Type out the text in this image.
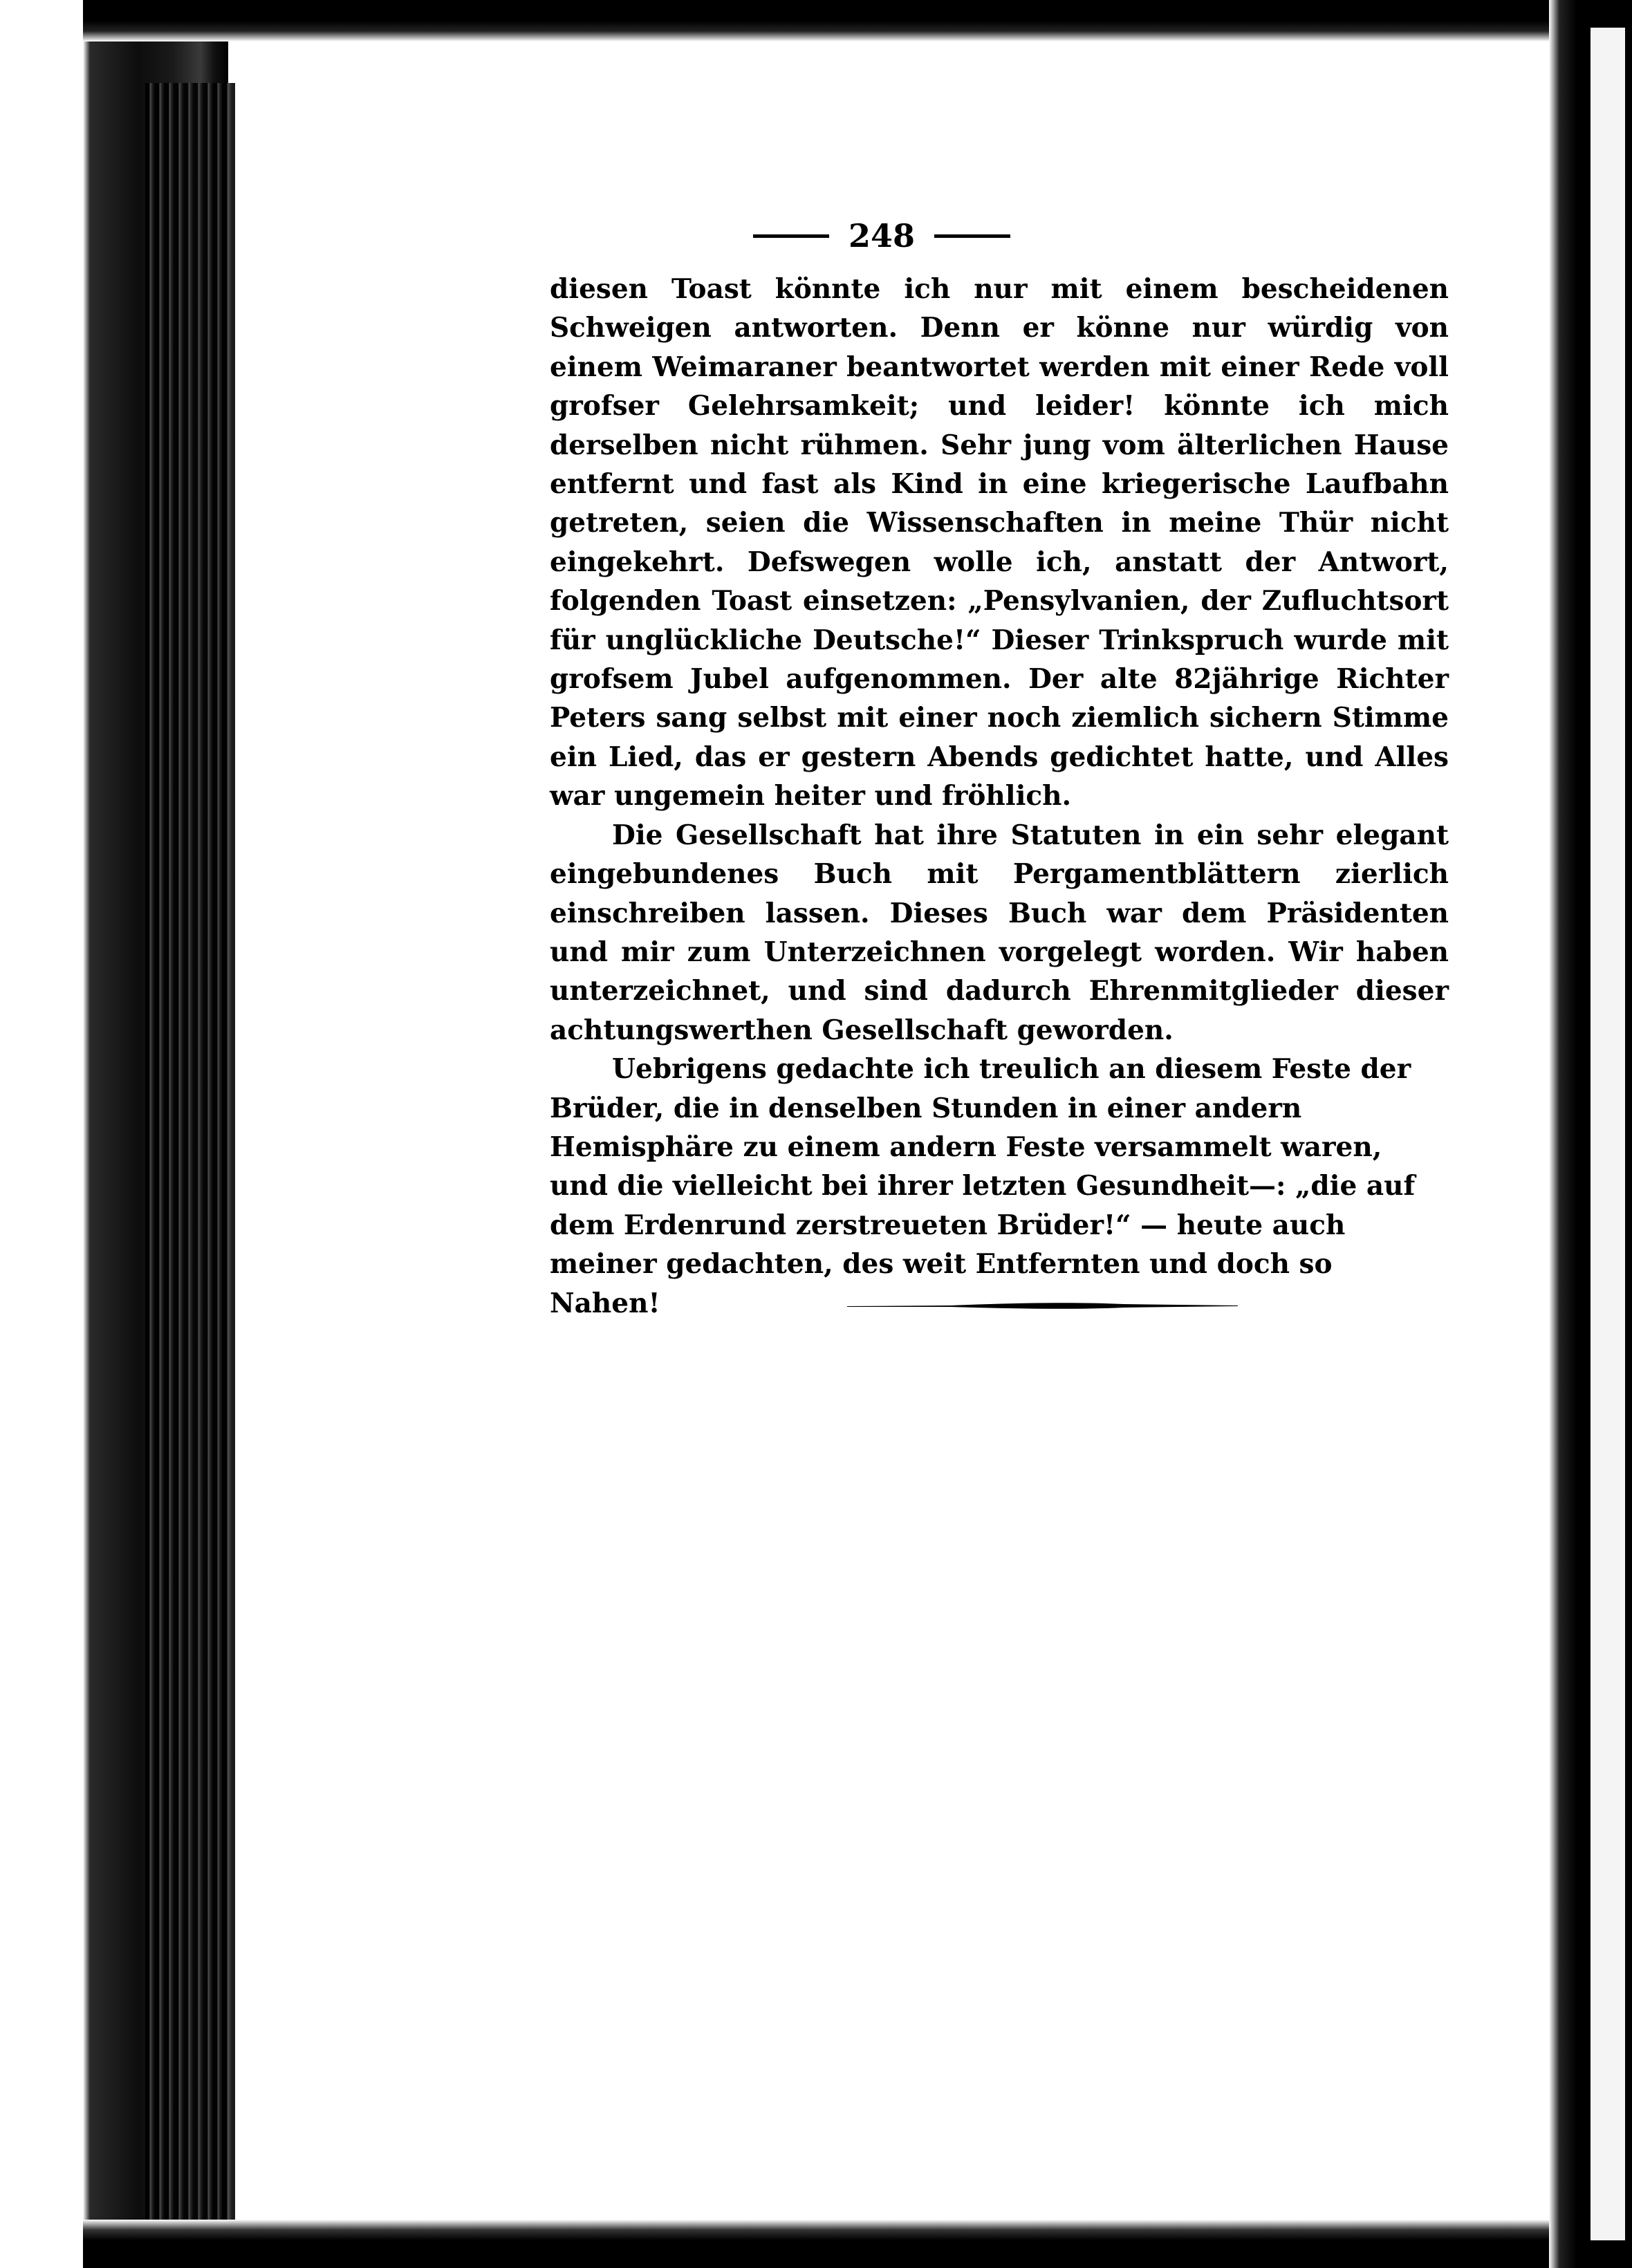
248

diesen Toast könnte ich nur mit einem bescheidenen Schweigen antworten. Denn er könne nur würdig von einem Weimaraner beantwortet werden mit einer Rede voll grofser Gelehrsamkeit; und leider! könnte ich mich derselben nicht rühmen. Sehr jung vom älterlichen Hause entfernt und fast als Kind in eine kriegerische Laufbahn getreten, seien die Wissenschaften in meine Thür nicht eingekehrt. Defswegen wolle ich, anstatt der Antwort, folgenden Toast einsetzen: „Pensylvanien, der Zufluchtsort für unglückliche Deutsche!“ Dieser Trinkspruch wurde mit grofsem Jubel aufgenommen. Der alte 82jährige Richter Peters sang selbst mit einer noch ziemlich sichern Stimme ein Lied, das er gestern Abends gedichtet hatte, und Alles war ungemein heiter und fröhlich.

Die Gesellschaft hat ihre Statuten in ein sehr elegant eingebundenes Buch mit Pergamentblättern zierlich einschreiben lassen. Dieses Buch war dem Präsidenten und mir zum Unterzeichnen vorgelegt worden. Wir haben unterzeichnet, und sind dadurch Ehrenmitglieder dieser achtungswerthen Gesellschaft geworden.

Uebrigens gedachte ich treulich an diesem Feste der Brüder, die in denselben Stunden in einer andern Hemisphäre zu einem andern Feste versammelt waren, und die vielleicht bei ihrer letzten Gesundheit—: „die auf dem Erdenrund zerstreueten Brüder!“ — heute auch meiner gedachten, des weit Entfernten und doch so Nahen!
